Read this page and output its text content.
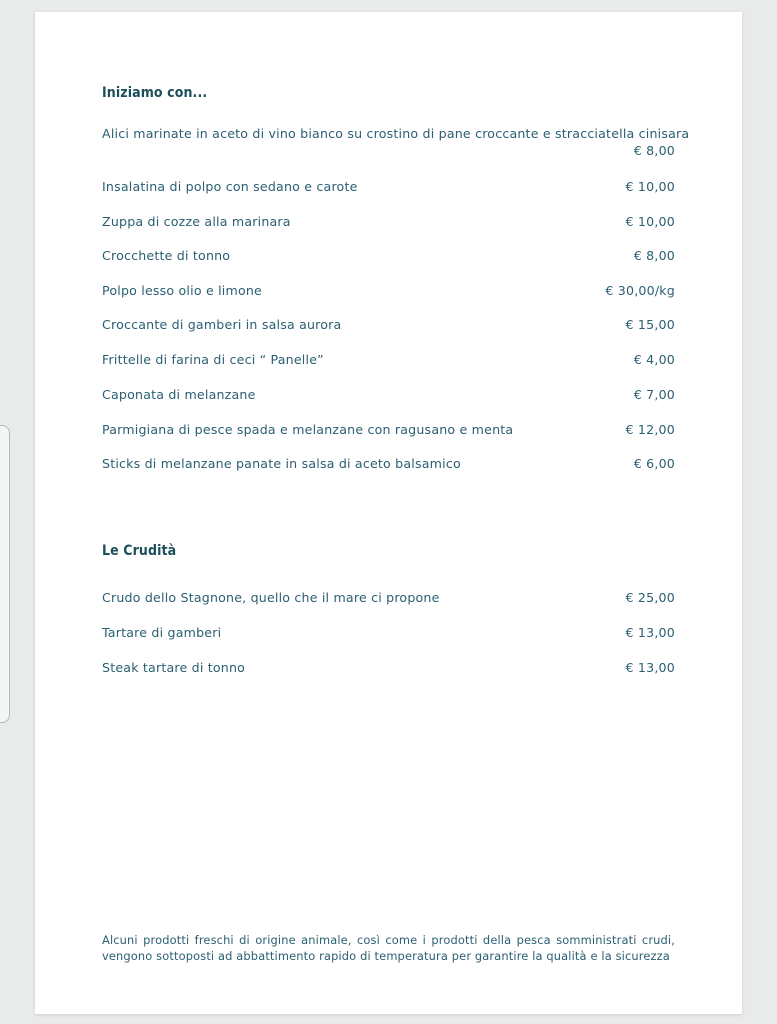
Iniziamo con...
Alici marinate in aceto di vino bianco su crostino di pane croccante e stracciatella cinisara
€ 8,00
Insalatina di polpo con sedano e carote	€ 10,00
Zuppa di cozze alla marinara	€ 10,00
Crocchette di tonno	€ 8,00
Polpo lesso olio e limone	€ 30,00/kg
Croccante di gamberi in salsa aurora	€ 15,00
Frittelle di farina di ceci “ Panelle”	€ 4,00
Caponata di melanzane	€ 7,00
Parmigiana di pesce spada e melanzane con ragusano e menta	€ 12,00
Sticks di melanzane panate in salsa di aceto balsamico	€ 6,00
Le Crudità
Crudo dello Stagnone, quello che il mare ci propone	€ 25,00
Tartare di gamberi	€ 13,00
Steak tartare di tonno	€ 13,00

Alcuni prodotti freschi di origine animale, così come i prodotti della pesca somministrati crudi, vengono sottoposti ad abbattimento rapido di temperatura per garantire la qualità e la sicurezza
